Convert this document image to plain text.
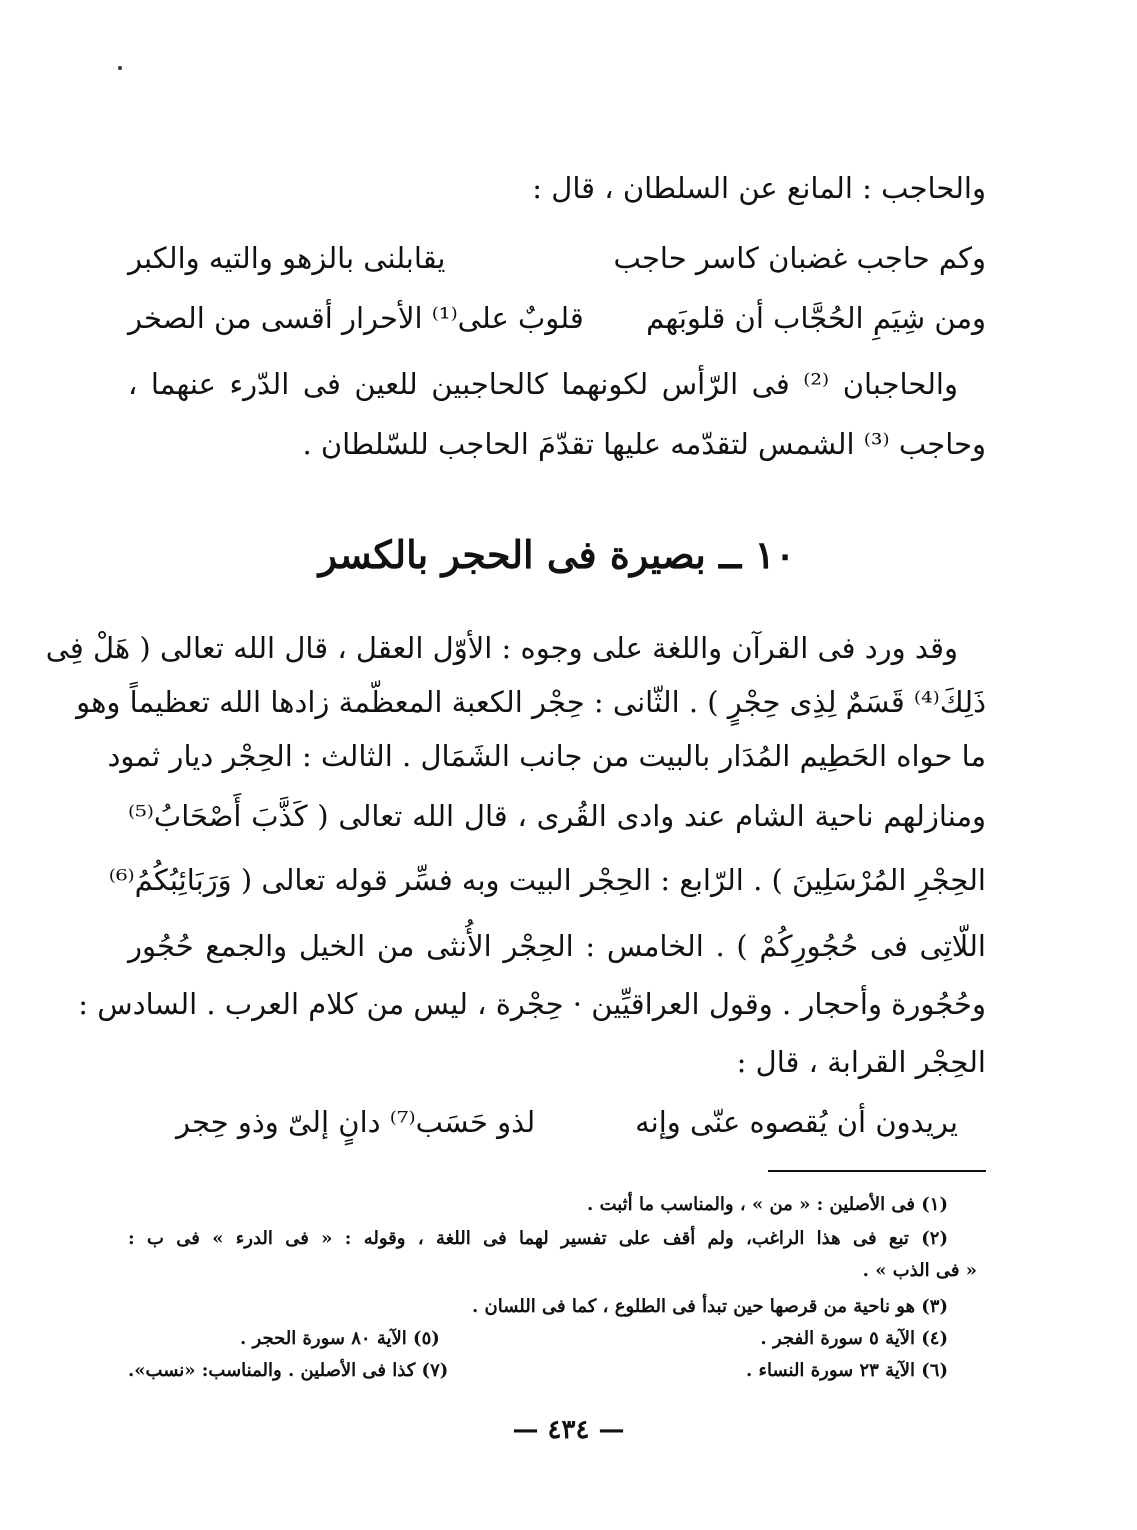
والحاجب : المانع عن السلطان ، قال :
وكم حاجب غضبان كاسر حاجب
يقابلنى بالزهو والتيه والكبر
ومن شِيَمِ الحُجَّاب أن قلوبَهم
قلوبٌ على⁽¹⁾ الأحرار أقسى من الصخر
والحاجبان ⁽²⁾ فى الرّأس لكونهما كالحاجبين للعين فى الدّرء عنهما ،
وحاجب ⁽³⁾ الشمس لتقدّمه عليها تقدّمَ الحاجب للسّلطان .
١٠ ــ بصيرة فى الحجر بالكسر
وقد ورد فى القرآن واللغة على وجوه : الأوّل العقل ، قال الله تعالى ( هَلْ فِى
ذَلِكَ⁽⁴⁾ قَسَمٌ لِذِى حِجْرٍ ) . الثّانى : حِجْر الكعبة المعظّمة زادها الله تعظيماً وهو
ما حواه الحَطِيم المُدَار بالبيت من جانب الشَمَال . الثالث : الحِجْر ديار ثمود
ومنازلهم ناحية الشام عند وادى القُرى ، قال الله تعالى ( كَذَّبَ أَصْحَابُ⁽⁵⁾
الحِجْرِ المُرْسَلِينَ ) . الرّابع : الحِجْر البيت وبه فسِّر قوله تعالى ( وَرَبَائِبُكُمُ⁽⁶⁾
اللّاتِى فى حُجُورِكُمْ ) . الخامس : الحِجْر الأُنثى من الخيل والجمع حُجُور
وحُجُورة وأحجار . وقول العراقيِّين · حِجْرة ، ليس من كلام العرب . السادس :
الحِجْر القرابة ، قال :
يريدون أن يُقصوه عنّى وإنه
لذو حَسَب⁽⁷⁾ دانٍ إلىّ وذو حِجر
(١) فى الأصلين : « من » ، والمناسب ما أثبت .
(٢) تبع فى هذا الراغب، ولم أقف على تفسير لهما فى اللغة ، وقوله : « فى الدرء » فى ب :
« فى الذب » .
(٣) هو ناحية من قرصها حين تبدأ فى الطلوع ، كما فى اللسان .
(٤) الآية ٥ سورة الفجر .
(٥) الآية ٨٠ سورة الحجر .
(٦) الآية ٢٣ سورة النساء .
(٧) كذا فى الأصلين . والمناسب: «نسب».
— ٤٣٤ —
